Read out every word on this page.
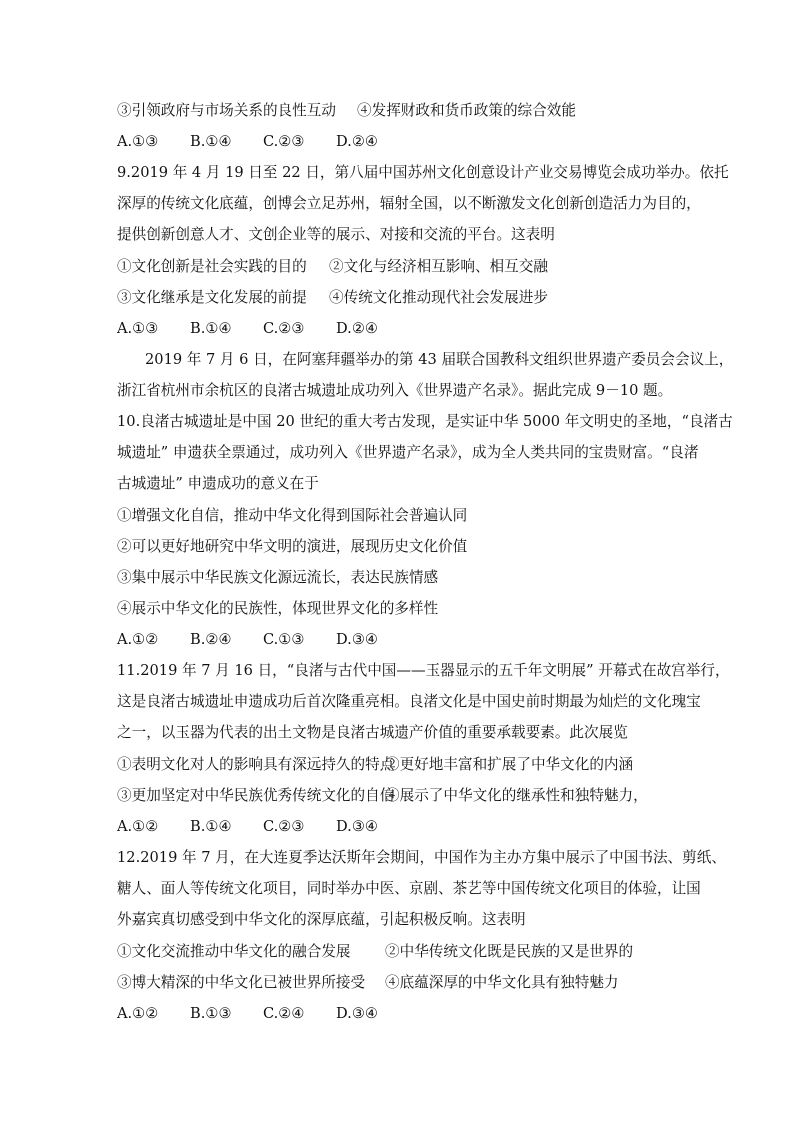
③引领政府与市场关系的良性互动 ④发挥财政和货币政策的综合效能
A.①③ B.①④ C.②③ D.②④
9.2019 年 4 月 19 日至 22 日，第八届中国苏州文化创意设计产业交易博览会成功举办。依托
深厚的传统文化底蕴，创博会立足苏州，辐射全国，以不断激发文化创新创造活力为目的，
提供创新创意人才、文创企业等的展示、对接和交流的平台。这表明
①文化创新是社会实践的目的 ②文化与经济相互影响、相互交融
③文化继承是文化发展的前提 ④传统文化推动现代社会发展进步
A.①③ B.①④ C.②③ D.②④
2019 年 7 月 6 日，在阿塞拜疆举办的第 43 届联合国教科文组织世界遗产委员会会议上，
浙江省杭州市余杭区的良渚古城遗址成功列入《世界遗产名录》。据此完成 9－10 题。
10.良渚古城遗址是中国 20 世纪的重大考古发现，是实证中华 5000 年文明史的圣地，“良渚古
城遗址” 申遗获全票通过，成功列入《世界遗产名录》，成为全人类共同的宝贵财富。“良渚
古城遗址” 申遗成功的意义在于
①增强文化自信，推动中华文化得到国际社会普遍认同
②可以更好地研究中华文明的演进，展现历史文化价值
③集中展示中华民族文化源远流长，表达民族情感
④展示中华文化的民族性，体现世界文化的多样性
A.①② B.②④ C.①③ D.③④
11.2019 年 7 月 16 日，“良渚与古代中国——玉器显示的五千年文明展” 开幕式在故宫举行，
这是良渚古城遗址申遗成功后首次隆重亮相。良渚文化是中国史前时期最为灿烂的文化瑰宝
之一，以玉器为代表的出土文物是良渚古城遗产价值的重要承载要素。此次展览
①表明文化对人的影响具有深远持久的特点
②更好地丰富和扩展了中华文化的内涵
③更加坚定对中华民族优秀传统文化的自信
④展示了中华文化的继承性和独特魅力，
A.①② B.①④ C.②③ D.③④
12.2019 年 7 月，在大连夏季达沃斯年会期间，中国作为主办方集中展示了中国书法、剪纸、
糖人、面人等传统文化项目，同时举办中医、京剧、茶艺等中国传统文化项目的体验，让国
外嘉宾真切感受到中华文化的深厚底蕴，引起积极反响。这表明
①文化交流推动中华文化的融合发展 ②中华传统文化既是民族的又是世界的
③博大精深的中华文化已被世界所接受 ④底蕴深厚的中华文化具有独特魅力
A.①② B.①③ C.②④ D.③④
